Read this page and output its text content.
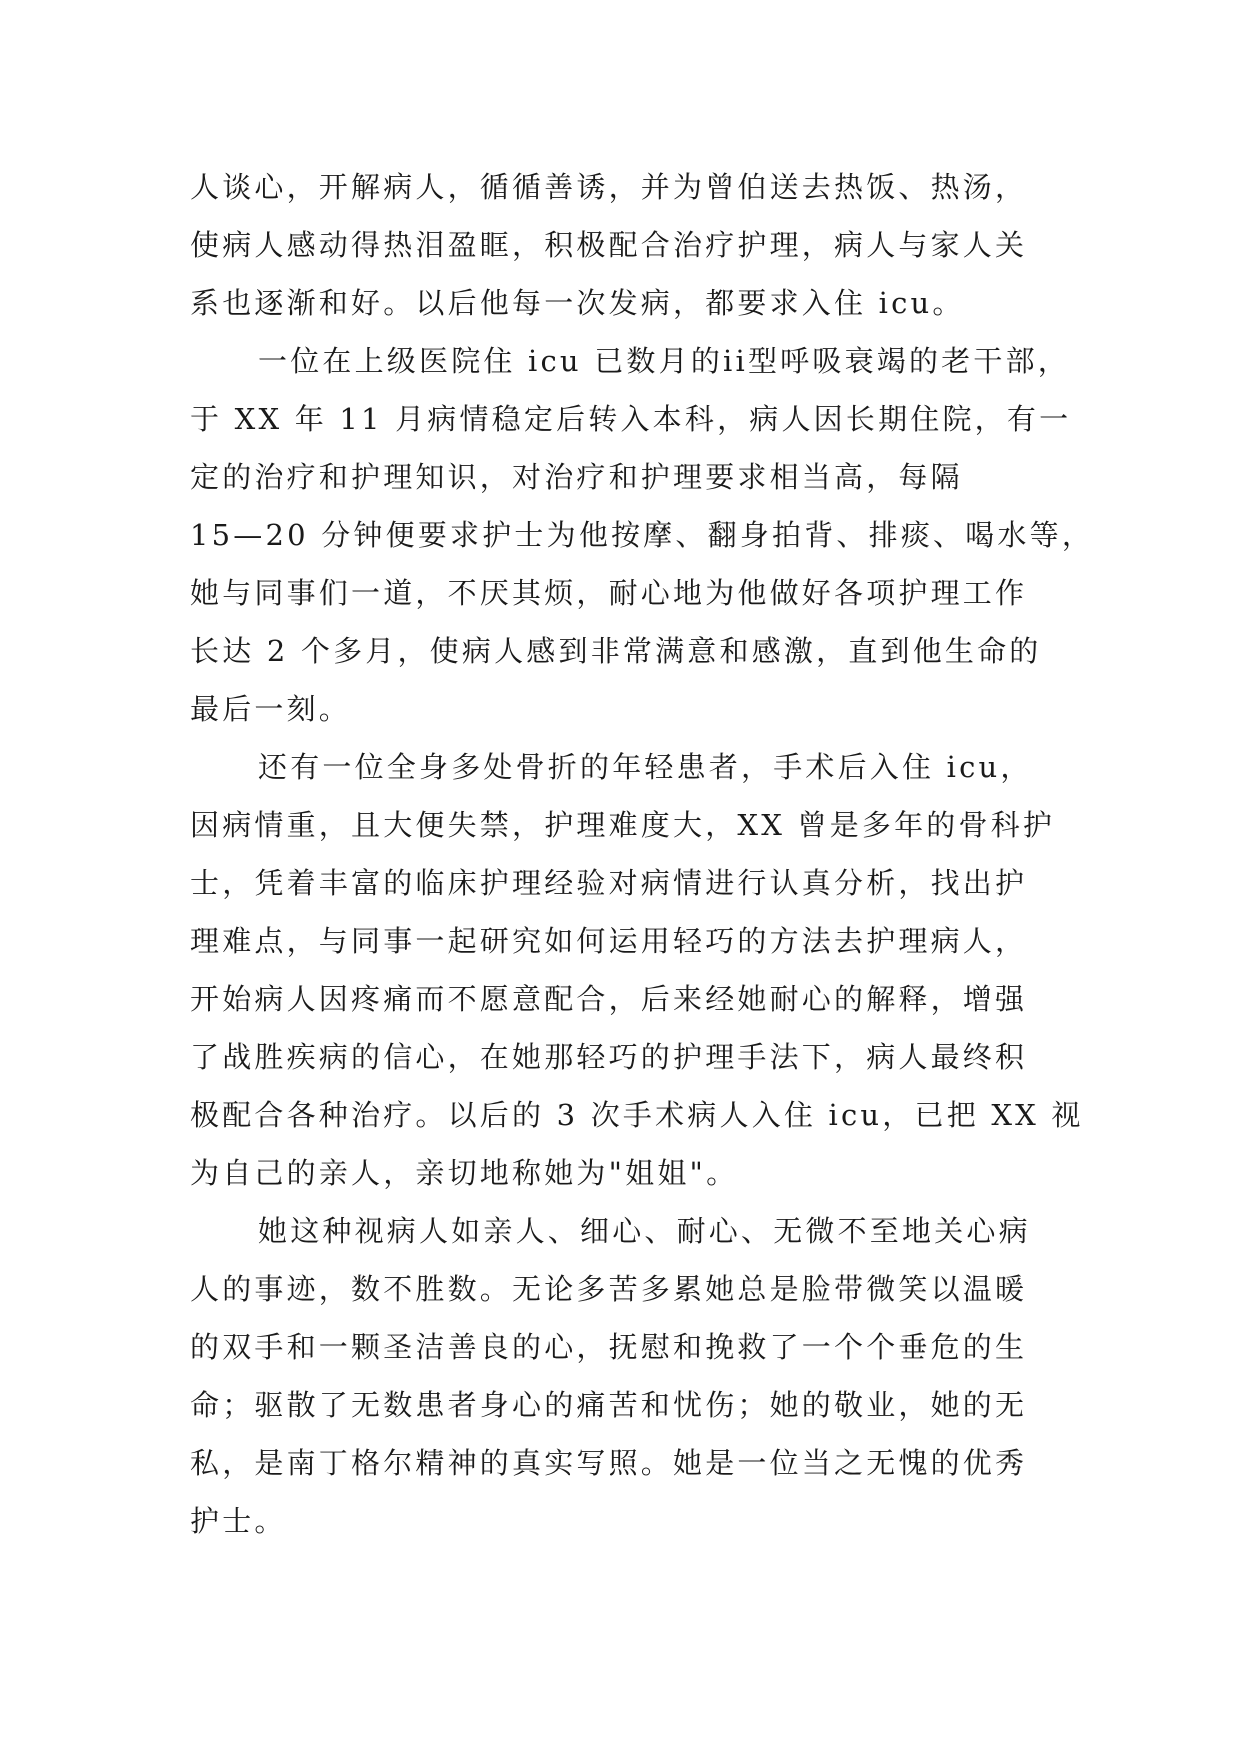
人谈心，开解病人，循循善诱，并为曾伯送去热饭、热汤，
使病人感动得热泪盈眶，积极配合治疗护理，病人与家人关
系也逐渐和好。以后他每一次发病，都要求入住 icu。
一位在上级医院住 icu 已数月的ii型呼吸衰竭的老干部，
于 XX 年 11 月病情稳定后转入本科，病人因长期住院，有一
定的治疗和护理知识，对治疗和护理要求相当高，每隔
15—20 分钟便要求护士为他按摩、翻身拍背、排痰、喝水等，
她与同事们一道，不厌其烦，耐心地为他做好各项护理工作
长达 2 个多月，使病人感到非常满意和感激，直到他生命的
最后一刻。
还有一位全身多处骨折的年轻患者，手术后入住 icu，
因病情重，且大便失禁，护理难度大，XX 曾是多年的骨科护
士，凭着丰富的临床护理经验对病情进行认真分析，找出护
理难点，与同事一起研究如何运用轻巧的方法去护理病人，
开始病人因疼痛而不愿意配合，后来经她耐心的解释，增强
了战胜疾病的信心，在她那轻巧的护理手法下，病人最终积
极配合各种治疗。以后的 3 次手术病人入住 icu，已把 XX 视
为自己的亲人，亲切地称她为"姐姐"。
她这种视病人如亲人、细心、耐心、无微不至地关心病
人的事迹，数不胜数。无论多苦多累她总是脸带微笑以温暖
的双手和一颗圣洁善良的心，抚慰和挽救了一个个垂危的生
命；驱散了无数患者身心的痛苦和忧伤；她的敬业，她的无
私，是南丁格尔精神的真实写照。她是一位当之无愧的优秀
护士。
